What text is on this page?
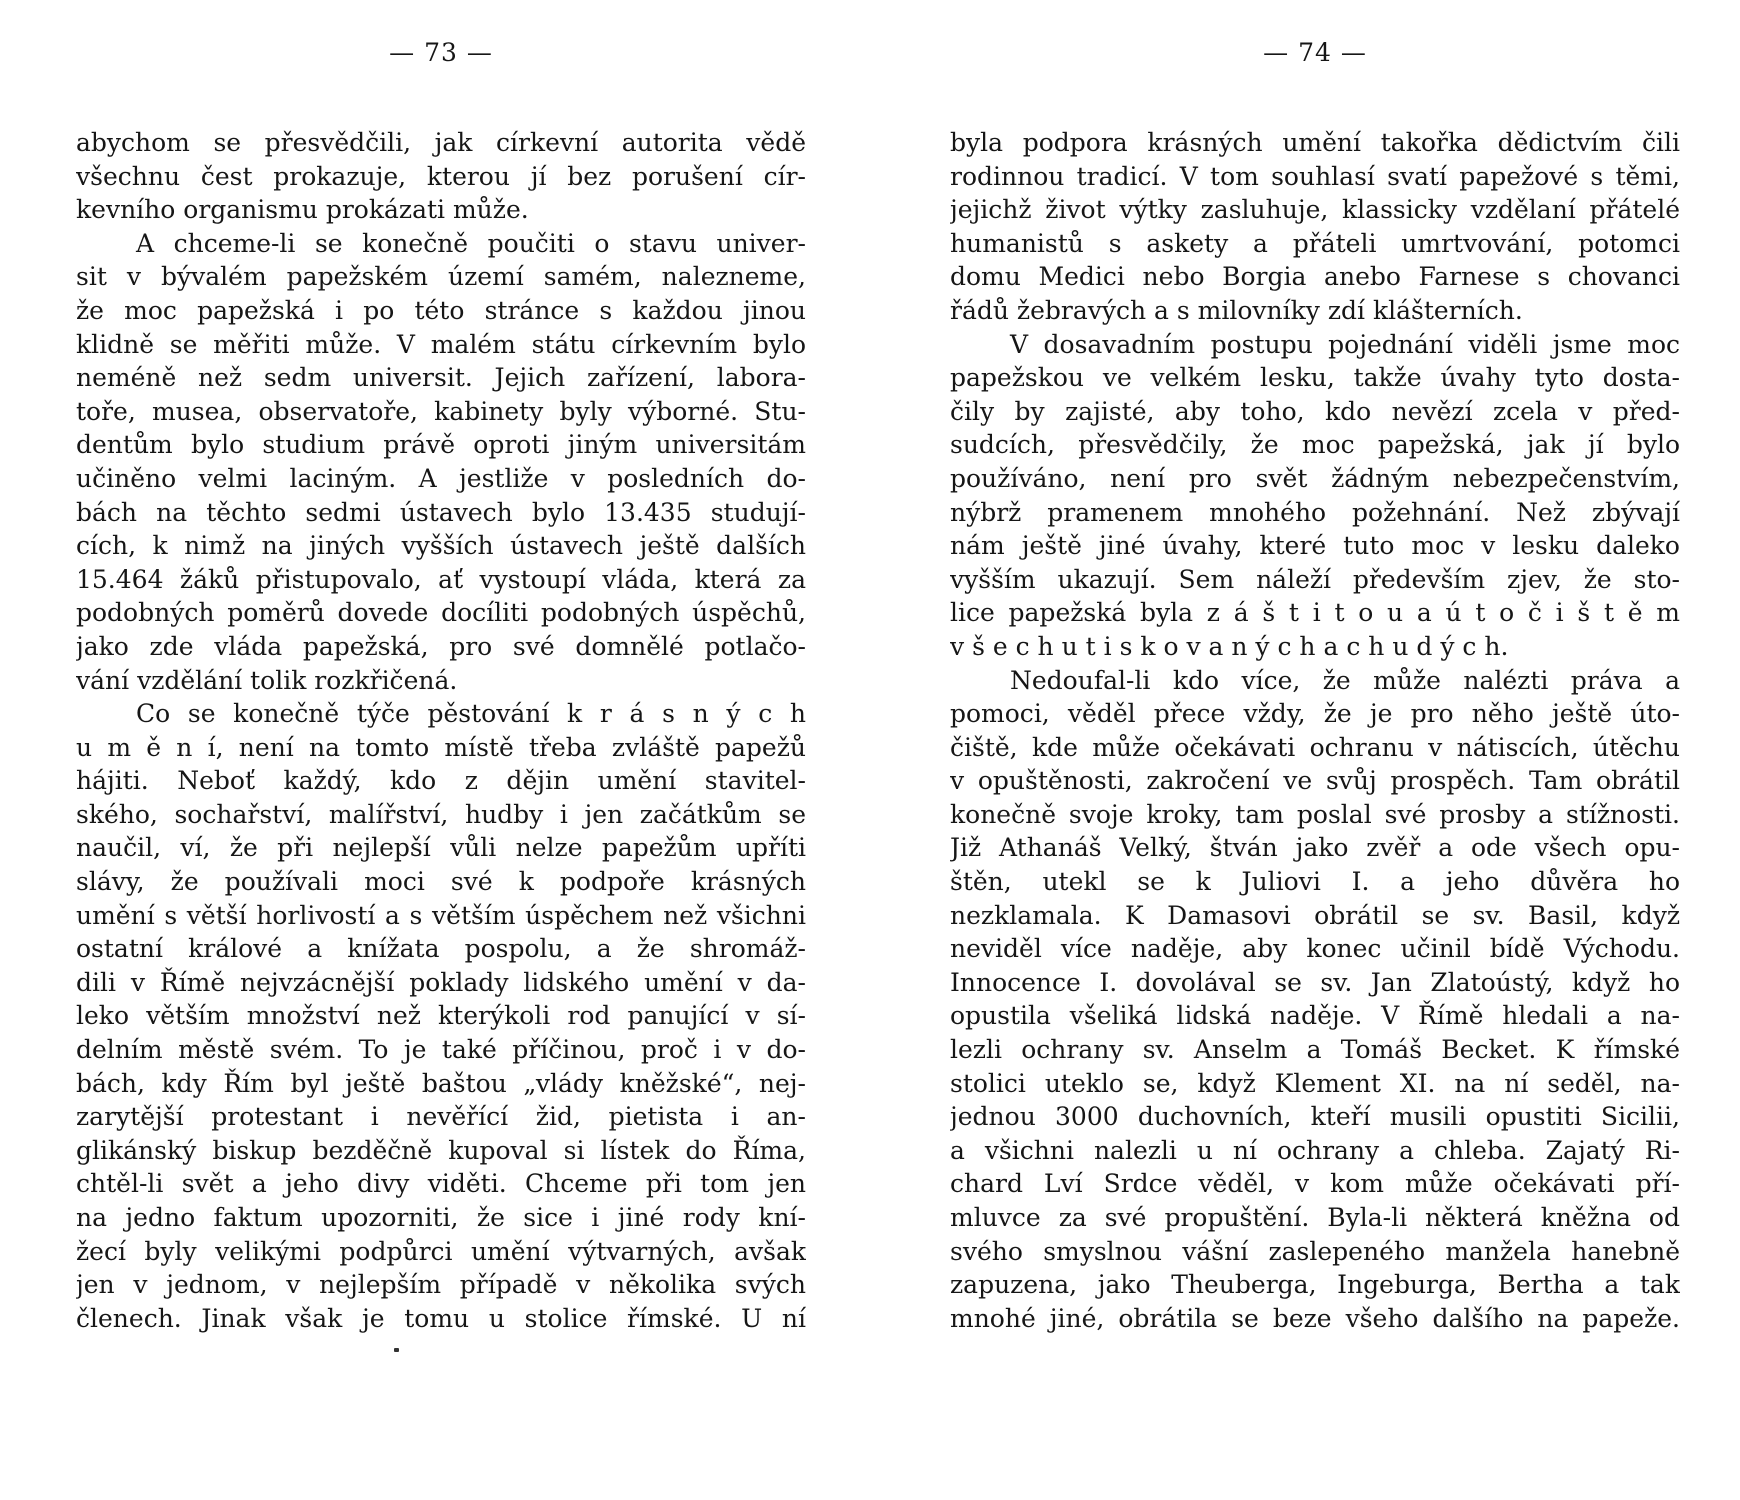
— 73 —
abychom se přesvědčili, jak církevní autorita vědě
všechnu čest prokazuje, kterou jí bez porušení cír-
kevního organismu prokázati může.
A chceme-li se konečně poučiti o stavu univer-
sit v bývalém papežském území samém, nalezneme,
že moc papežská i po této stránce s každou jinou
klidně se měřiti může. V malém státu církevním bylo
neméně než sedm universit. Jejich zařízení, labora-
toře, musea, observatoře, kabinety byly výborné. Stu-
dentům bylo studium právě oproti jiným universitám
učiněno velmi laciným. A jestliže v posledních do-
bách na těchto sedmi ústavech bylo 13.435 studují-
cích, k nimž na jiných vyšších ústavech ještě dalších
15.464 žáků přistupovalo, ať vystoupí vláda, která za
podobných poměrů dovede docíliti podobných úspěchů,
jako zde vláda papežská, pro své domnělé potlačo-
vání vzdělání tolik rozkřičená.
Co se konečně týče pěstování k r á s n ý c h
u m ě n í, není na tomto místě třeba zvláště papežů
hájiti. Neboť každý, kdo z dějin umění stavitel-
ského, sochařství, malířství, hudby i jen začátkům se
naučil, ví, že při nejlepší vůli nelze papežům upříti
slávy, že používali moci své k podpoře krásných
umění s větší horlivostí a s větším úspěchem než všichni
ostatní králové a knížata pospolu, a že shromáž-
dili v Římě nejvzácnější poklady lidského umění v da-
leko větším množství než kterýkoli rod panující v sí-
delním městě svém. To je také příčinou, proč i v do-
bách, kdy Řím byl ještě baštou „vlády kněžské“, nej-
zarytější protestant i nevěřící žid, pietista i an-
glikánský biskup bezděčně kupoval si lístek do Říma,
chtěl-li svět a jeho divy viděti. Chceme při tom jen
na jedno faktum upozorniti, že sice i jiné rody kní-
žecí byly velikými podpůrci umění výtvarných, avšak
jen v jednom, v nejlepším případě v několika svých
členech. Jinak však je tomu u stolice římské. U ní
— 74 —
byla podpora krásných umění takořka dědictvím čili
rodinnou tradicí. V tom souhlasí svatí papežové s těmi,
jejichž život výtky zasluhuje, klassicky vzdělaní přátelé
humanistů s askety a přáteli umrtvování, potomci
domu Medici nebo Borgia anebo Farnese s chovanci
řádů žebravých a s milovníky zdí klášterních.
V dosavadním postupu pojednání viděli jsme moc
papežskou ve velkém lesku, takže úvahy tyto dosta-
čily by zajisté, aby toho, kdo nevězí zcela v před-
sudcích, přesvědčily, že moc papežská, jak jí bylo
používáno, není pro svět žádným nebezpečenstvím,
nýbrž pramenem mnohého požehnání. Než zbývají
nám ještě jiné úvahy, které tuto moc v lesku daleko
vyšším ukazují. Sem náleží především zjev, že sto-
lice papežská byla z á š t i t o u a ú t o č i š t ě m
v š e c h u t i s k o v a n ý c h a c h u d ý c h.
Nedoufal-li kdo více, že může nalézti práva a
pomoci, věděl přece vždy, že je pro něho ještě úto-
čiště, kde může očekávati ochranu v nátiscích, útěchu
v opuštěnosti, zakročení ve svůj prospěch. Tam obrátil
konečně svoje kroky, tam poslal své prosby a stížnosti.
Již Athanáš Velký, štván jako zvěř a ode všech opu-
štěn, utekl se k Juliovi I. a jeho důvěra ho
nezklamala. K Damasovi obrátil se sv. Basil, když
neviděl více naděje, aby konec učinil bídě Východu.
Innocence I. dovolával se sv. Jan Zlatoústý, když ho
opustila všeliká lidská naděje. V Římě hledali a na-
lezli ochrany sv. Anselm a Tomáš Becket. K římské
stolici uteklo se, když Klement XI. na ní seděl, na-
jednou 3000 duchovních, kteří musili opustiti Sicilii,
a všichni nalezli u ní ochrany a chleba. Zajatý Ri-
chard Lví Srdce věděl, v kom může očekávati pří-
mluvce za své propuštění. Byla-li některá kněžna od
svého smyslnou vášní zaslepeného manžela hanebně
zapuzena, jako Theuberga, Ingeburga, Bertha a tak
mnohé jiné, obrátila se beze všeho dalšího na papeže.
